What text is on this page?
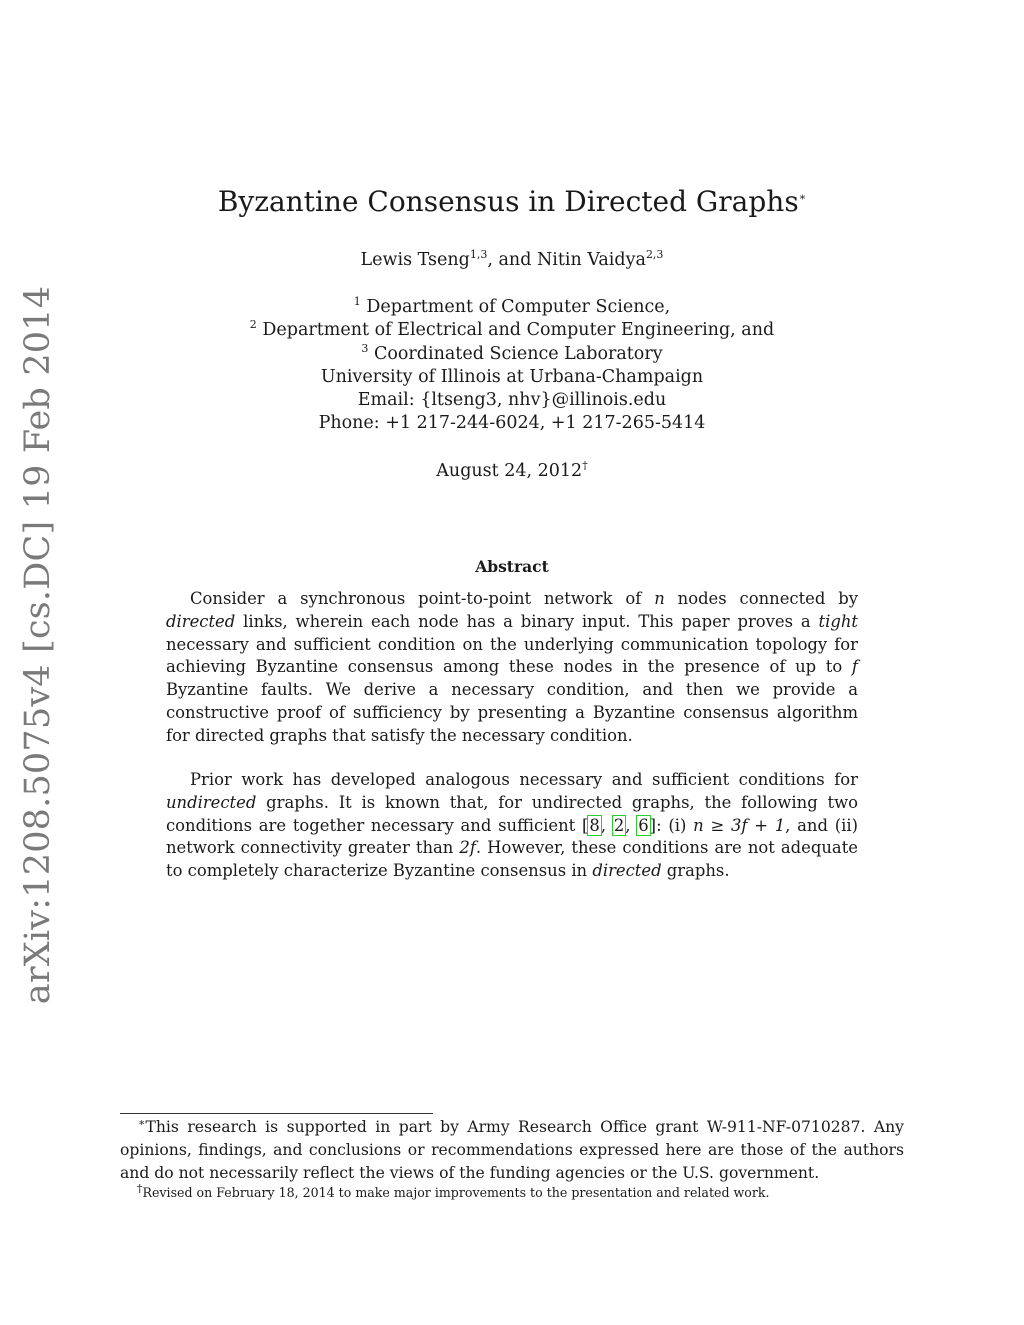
arXiv:1208.5075v4 [cs.DC] 19 Feb 2014
Byzantine Consensus in Directed Graphs∗
Lewis Tseng$^{1,3}$, and Nitin Vaidya$^{2,3}$
$^1$ Department of Computer Science,
$^2$ Department of Electrical and Computer Engineering, and
$^3$ Coordinated Science Laboratory
University of Illinois at Urbana-Champaign
Email: {ltseng3, nhv}@illinois.edu
Phone: +1 217-244-6024, +1 217-265-5414
August 24, 2012†
Abstract
Consider a synchronous point-to-point network of n nodes connected by directed links, wherein each node has a binary input. This paper proves a tight necessary and sufficient condition on the underlying communication topology for achieving Byzantine consensus among these nodes in the presence of up to f Byzantine faults. We derive a necessary condition, and then we provide a constructive proof of sufficiency by presenting a Byzantine consensus algorithm for directed graphs that satisfy the necessary condition.
Prior work has developed analogous necessary and sufficient conditions for undirected graphs. It is known that, for undirected graphs, the following two conditions are together necessary and sufficient [8, 2, 6]: (i) n ≥ 3f + 1, and (ii) network connectivity greater than 2f. However, these conditions are not adequate to completely characterize Byzantine consensus in directed graphs.
∗This research is supported in part by Army Research Office grant W-911-NF-0710287. Any opinions, findings, and conclusions or recommendations expressed here are those of the authors and do not necessarily reflect the views of the funding agencies or the U.S. government.
†Revised on February 18, 2014 to make major improvements to the presentation and related work.
